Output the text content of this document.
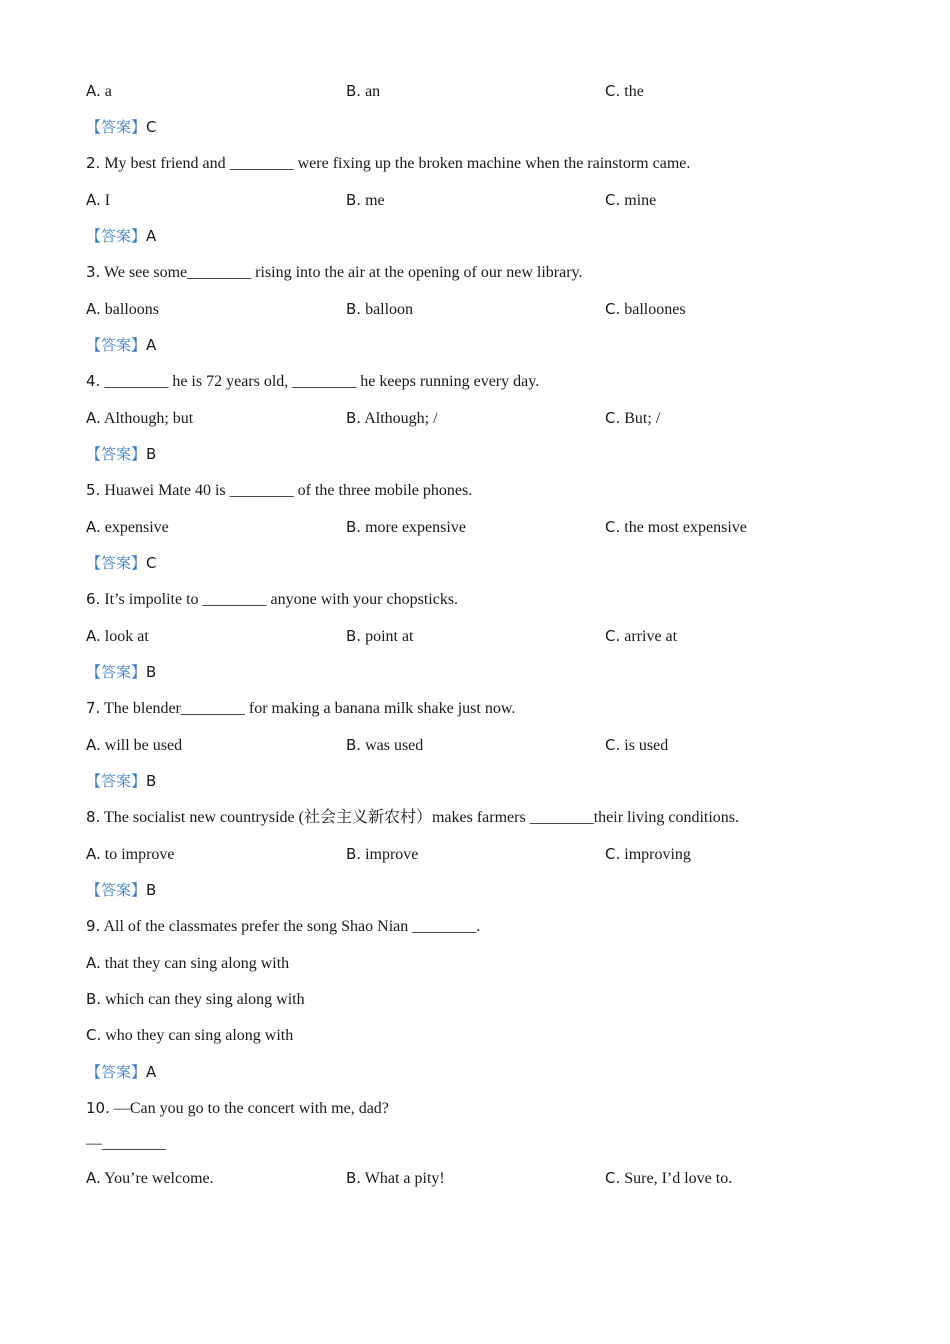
A. a	B. an	C. the
【答案】C
2. My best friend and ________ were fixing up the broken machine when the rainstorm came.
A. I	B. me	C. mine
【答案】A
3. We see some________ rising into the air at the opening of our new library.
A. balloons	B. balloon	C. balloones
【答案】A
4. ________ he is 72 years old, ________ he keeps running every day.
A. Although; but	B. Although; /	C. But; /
【答案】B
5. Huawei Mate 40 is ________ of the three mobile phones.
A. expensive	B. more expensive	C. the most expensive
【答案】C
6. It’s impolite to ________ anyone with your chopsticks.
A. look at	B. point at	C. arrive at
【答案】B
7. The blender________ for making a banana milk shake just now.
A. will be used	B. was used	C. is used
【答案】B
8. The socialist new countryside (社会主义新农村）makes farmers ________their living conditions.
A. to improve	B. improve	C. improving
【答案】B
9. All of the classmates prefer the song Shao Nian ________.
A. that they can sing along with
B. which can they sing along with
C. who they can sing along with
【答案】A
10. —Can you go to the concert with me, dad?
—________
A. You’re welcome.	B. What a pity!	C. Sure, I’d love to.
